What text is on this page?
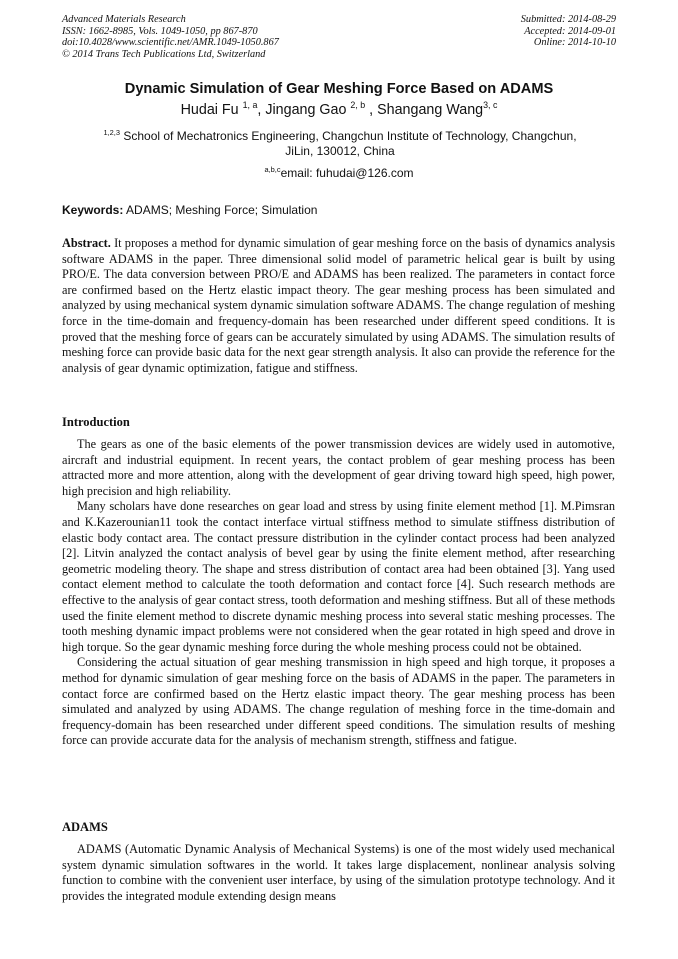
Advanced Materials Research
ISSN: 1662-8985, Vols. 1049-1050, pp 867-870
doi:10.4028/www.scientific.net/AMR.1049-1050.867
© 2014 Trans Tech Publications Ltd, Switzerland
Submitted: 2014-08-29
Accepted: 2014-09-01
Online: 2014-10-10
Dynamic Simulation of Gear Meshing Force Based on ADAMS
Hudai Fu $^{1, a}$, Jingang Gao $^{2, b}$ , Shangang Wang$^{3, c}$
$^{1,2,3}$ School of Mechatronics Engineering, Changchun Institute of Technology, Changchun, JiLin, 130012, China
$^{a,b,c}$email: fuhudai@126.com
Keywords: ADAMS; Meshing Force; Simulation

Abstract. It proposes a method for dynamic simulation of gear meshing force on the basis of dynamics analysis software ADAMS in the paper. Three dimensional solid model of parametric helical gear is built by using PRO/E. The data conversion between PRO/E and ADAMS has been realized. The parameters in contact force are confirmed based on the Hertz elastic impact theory. The gear meshing process has been simulated and analyzed by using mechanical system dynamic simulation software ADAMS. The change regulation of meshing force in the time-domain and frequency-domain has been researched under different speed conditions. It is proved that the meshing force of gears can be accurately simulated by using ADAMS. The simulation results of meshing force can provide basic data for the next gear strength analysis. It also can provide the reference for the analysis of gear dynamic optimization, fatigue and stiffness.

Introduction

The gears as one of the basic elements of the power transmission devices are widely used in automotive, aircraft and industrial equipment. In recent years, the contact problem of gear meshing process has been attracted more and more attention, along with the development of gear driving toward high speed, high power, high precision and high reliability.

Many scholars have done researches on gear load and stress by using finite element method [1]. M.Pimsran and K.Kazerounian11 took the contact interface virtual stiffness method to simulate stiffness distribution of elastic body contact area. The contact pressure distribution in the cylinder contact process had been analyzed [2]. Litvin analyzed the contact analysis of bevel gear by using the finite element method, after researching geometric modeling theory. The shape and stress distribution of contact area had been obtained [3]. Yang used contact element method to calculate the tooth deformation and contact force [4]. Such research methods are effective to the analysis of gear contact stress, tooth deformation and meshing stiffness. But all of these methods used the finite element method to discrete dynamic meshing process into several static meshing processes. The tooth meshing dynamic impact problems were not considered when the gear rotated in high speed and drove in high torque. So the gear dynamic meshing force during the whole meshing process could not be obtained.

Considering the actual situation of gear meshing transmission in high speed and high torque, it proposes a method for dynamic simulation of gear meshing force on the basis of ADAMS in the paper. The parameters in contact force are confirmed based on the Hertz elastic impact theory. The gear meshing process has been simulated and analyzed by using ADAMS. The change regulation of meshing force in the time-domain and frequency-domain has been researched under different speed conditions. The simulation results of meshing force can provide accurate data for the analysis of mechanism strength, stiffness and fatigue.

ADAMS

ADAMS (Automatic Dynamic Analysis of Mechanical Systems) is one of the most widely used mechanical system dynamic simulation softwares in the world. It takes large displacement, nonlinear analysis solving function to combine with the convenient user interface, by using of the simulation prototype technology. And it provides the integrated module extending design means
